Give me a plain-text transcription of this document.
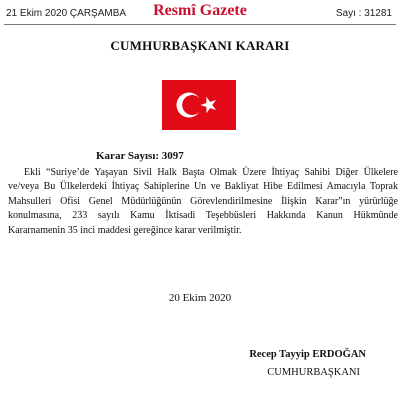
21 Ekim 2020 ÇARŞAMBA	Resmî Gazete	Sayı : 31281
CUMHURBAŞKANI KARARI
Karar Sayısı: 3097
Ekli “Suriye’de Yaşayan Sivil Halk Başta Olmak Üzere İhtiyaç Sahibi Diğer Ülkelere
ve/veya Bu Ülkelerdeki İhtiyaç Sahiplerine Un ve Bakliyat Hibe Edilmesi Amacıyla Toprak
Mahsulleri Ofisi Genel Müdürlüğünün Görevlendirilmesine İlişkin Karar”ın yürürlüğe
konulmasına, 233 sayılı Kamu İktisadi Teşebbüsleri Hakkında Kanun Hükmünde
Kararnamenin 35 inci maddesi gereğince karar verilmiştir.
20 Ekim 2020
Recep Tayyip ERDOĞAN
CUMHURBAŞKANI
